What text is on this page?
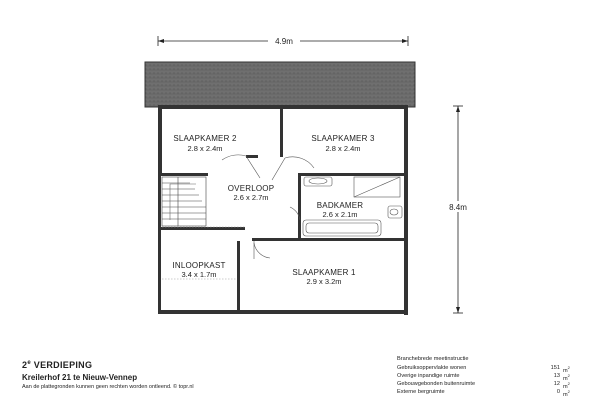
4.9m
8.4m
SLAAPKAMER 2
2.8 x 2.4m
SLAAPKAMER 3
2.8 x 2.4m
OVERLOOP
2.6 x 2.7m
BADKAMER
2.6 x 2.1m
INLOOPKAST
3.4 x 1.7m	SLAAPKAMER 1
2.9 x 3.2m
2e VERDIEPING
Kreilerhof 21 te Nieuw-Vennep
Aan de plattegronden kunnen geen rechten worden ontleend. © topr.nl
Branchebrede meetinstructie
Gebruiksoppervlakte wonen	151 $m^2$
Overige inpandige ruimte	13 $m^2$
Gebouwgebonden buitenruimte	12 $m^2$
Externe bergruimte	0 $m^2$
